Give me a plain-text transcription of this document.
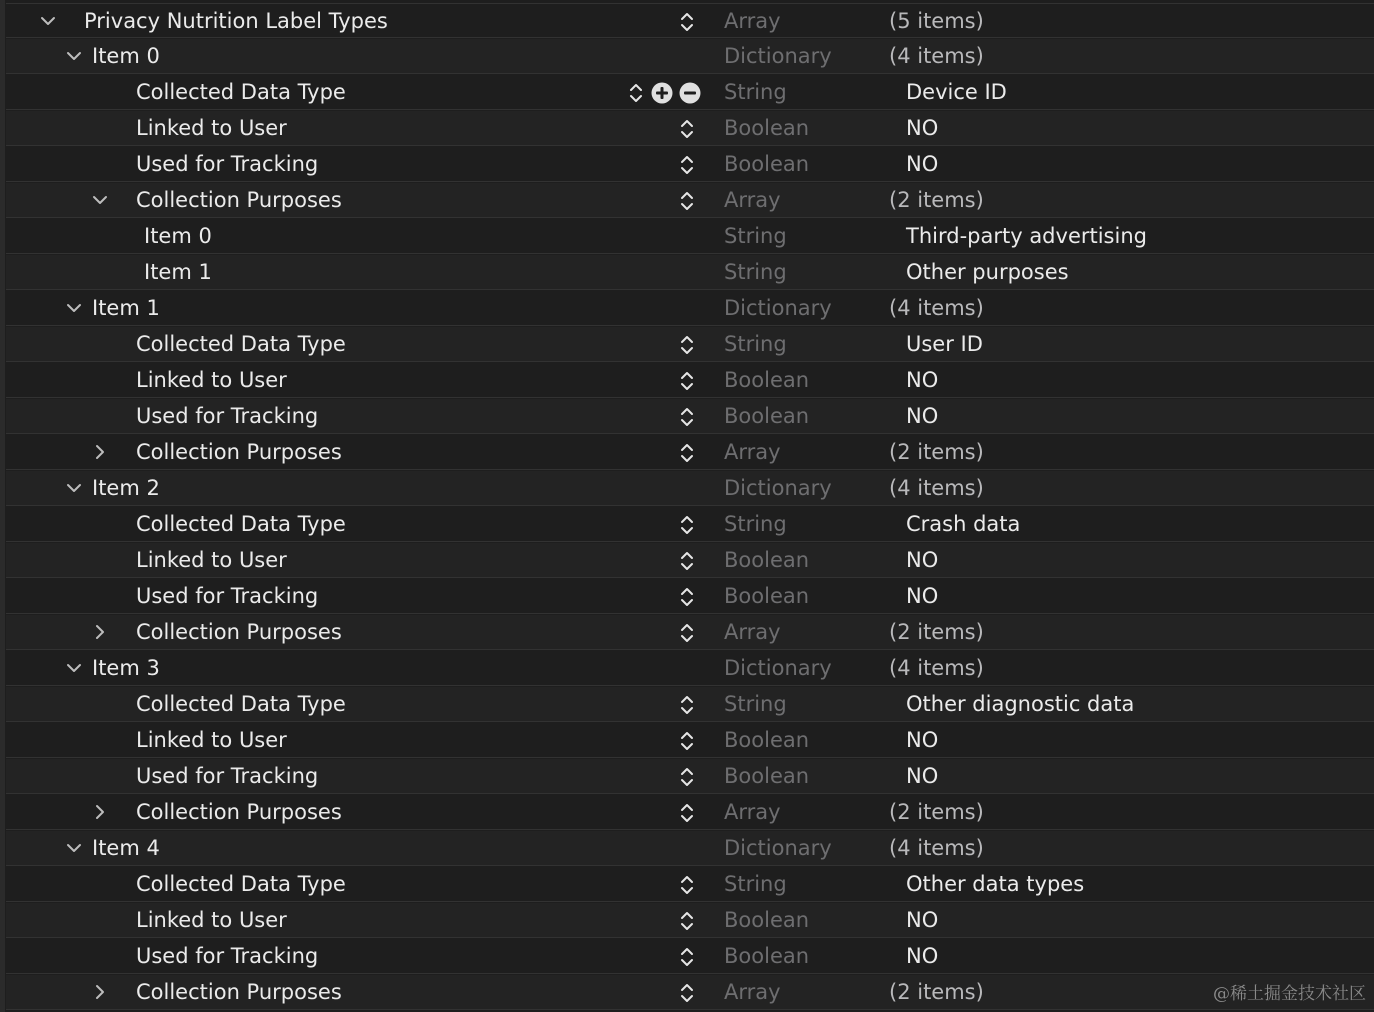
Privacy Nutrition Label Types	Array	(5 items)
Item 0	Dictionary	(4 items)
Collected Data Type	String	Device ID
Linked to User	Boolean	NO
Used for Tracking	Boolean	NO
Collection Purposes	Array	(2 items)
Item 0	String	Third-party advertising
Item 1	String	Other purposes
Item 1	Dictionary	(4 items)
Collected Data Type	String	User ID
Linked to User	Boolean	NO
Used for Tracking	Boolean	NO
Collection Purposes	Array	(2 items)
Item 2	Dictionary	(4 items)
Collected Data Type	String	Crash data
Linked to User	Boolean	NO
Used for Tracking	Boolean	NO
Collection Purposes	Array	(2 items)
Item 3	Dictionary	(4 items)
Collected Data Type	String	Other diagnostic data
Linked to User	Boolean	NO
Used for Tracking	Boolean	NO
Collection Purposes	Array	(2 items)
Item 4	Dictionary	(4 items)
Collected Data Type	String	Other data types
Linked to User	Boolean	NO
Used for Tracking	Boolean	NO
Collection Purposes	Array	(2 items)	@稀土掘金技术社区
